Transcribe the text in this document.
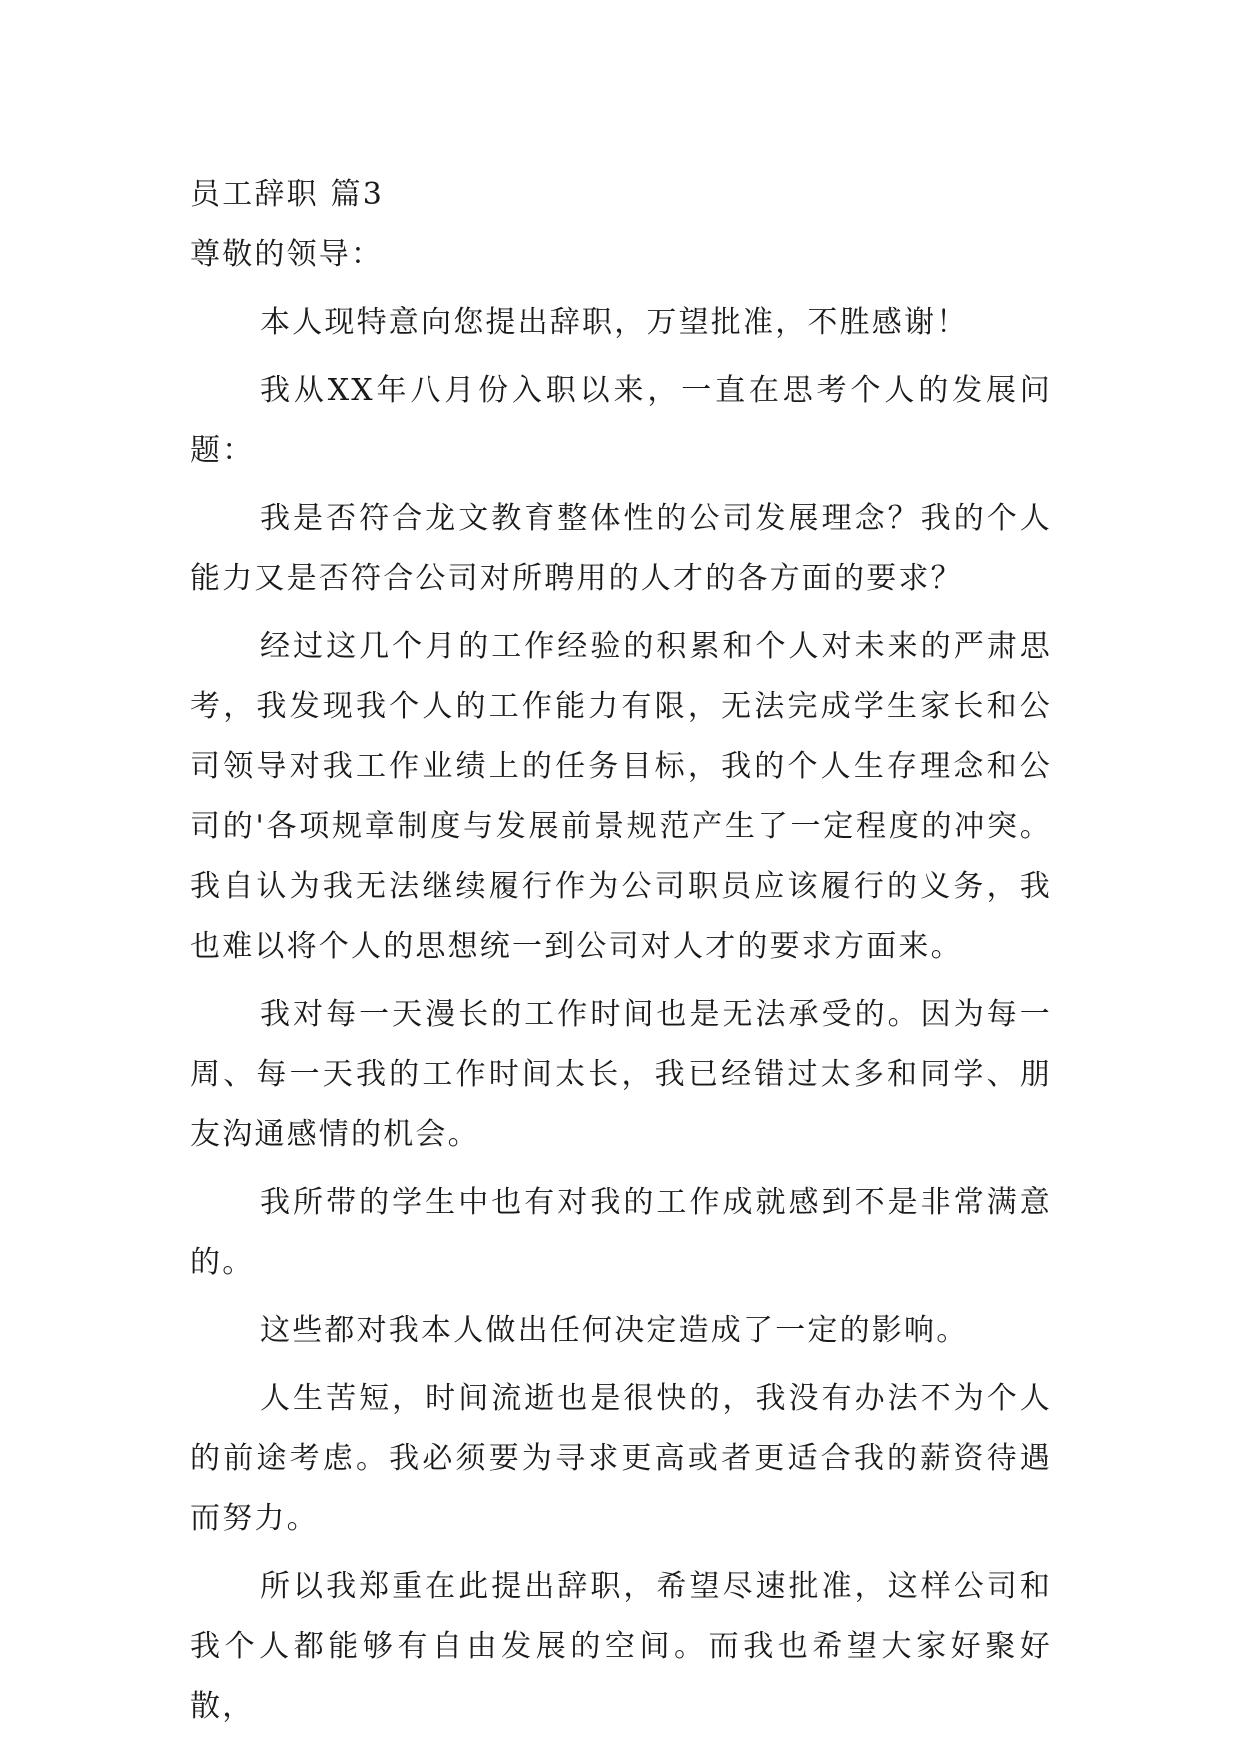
员工辞职 篇3

尊敬的领导：

本人现特意向您提出辞职，万望批准，不胜感谢！

我从XX年八月份入职以来，一直在思考个人的发展问题：

我是否符合龙文教育整体性的公司发展理念？我的个人能力又是否符合公司对所聘用的人才的各方面的要求？

经过这几个月的工作经验的积累和个人对未来的严肃思考，我发现我个人的工作能力有限，无法完成学生家长和公司领导对我工作业绩上的任务目标，我的个人生存理念和公司的'各项规章制度与发展前景规范产生了一定程度的冲突。我自认为我无法继续履行作为公司职员应该履行的义务，我也难以将个人的思想统一到公司对人才的要求方面来。

我对每一天漫长的工作时间也是无法承受的。因为每一周、每一天我的工作时间太长，我已经错过太多和同学、朋友沟通感情的机会。

我所带的学生中也有对我的工作成就感到不是非常满意的。

这些都对我本人做出任何决定造成了一定的影响。

人生苦短，时间流逝也是很快的，我没有办法不为个人的前途考虑。我必须要为寻求更高或者更适合我的薪资待遇而努力。

所以我郑重在此提出辞职，希望尽速批准，这样公司和我个人都能够有自由发展的空间。而我也希望大家好聚好散，
